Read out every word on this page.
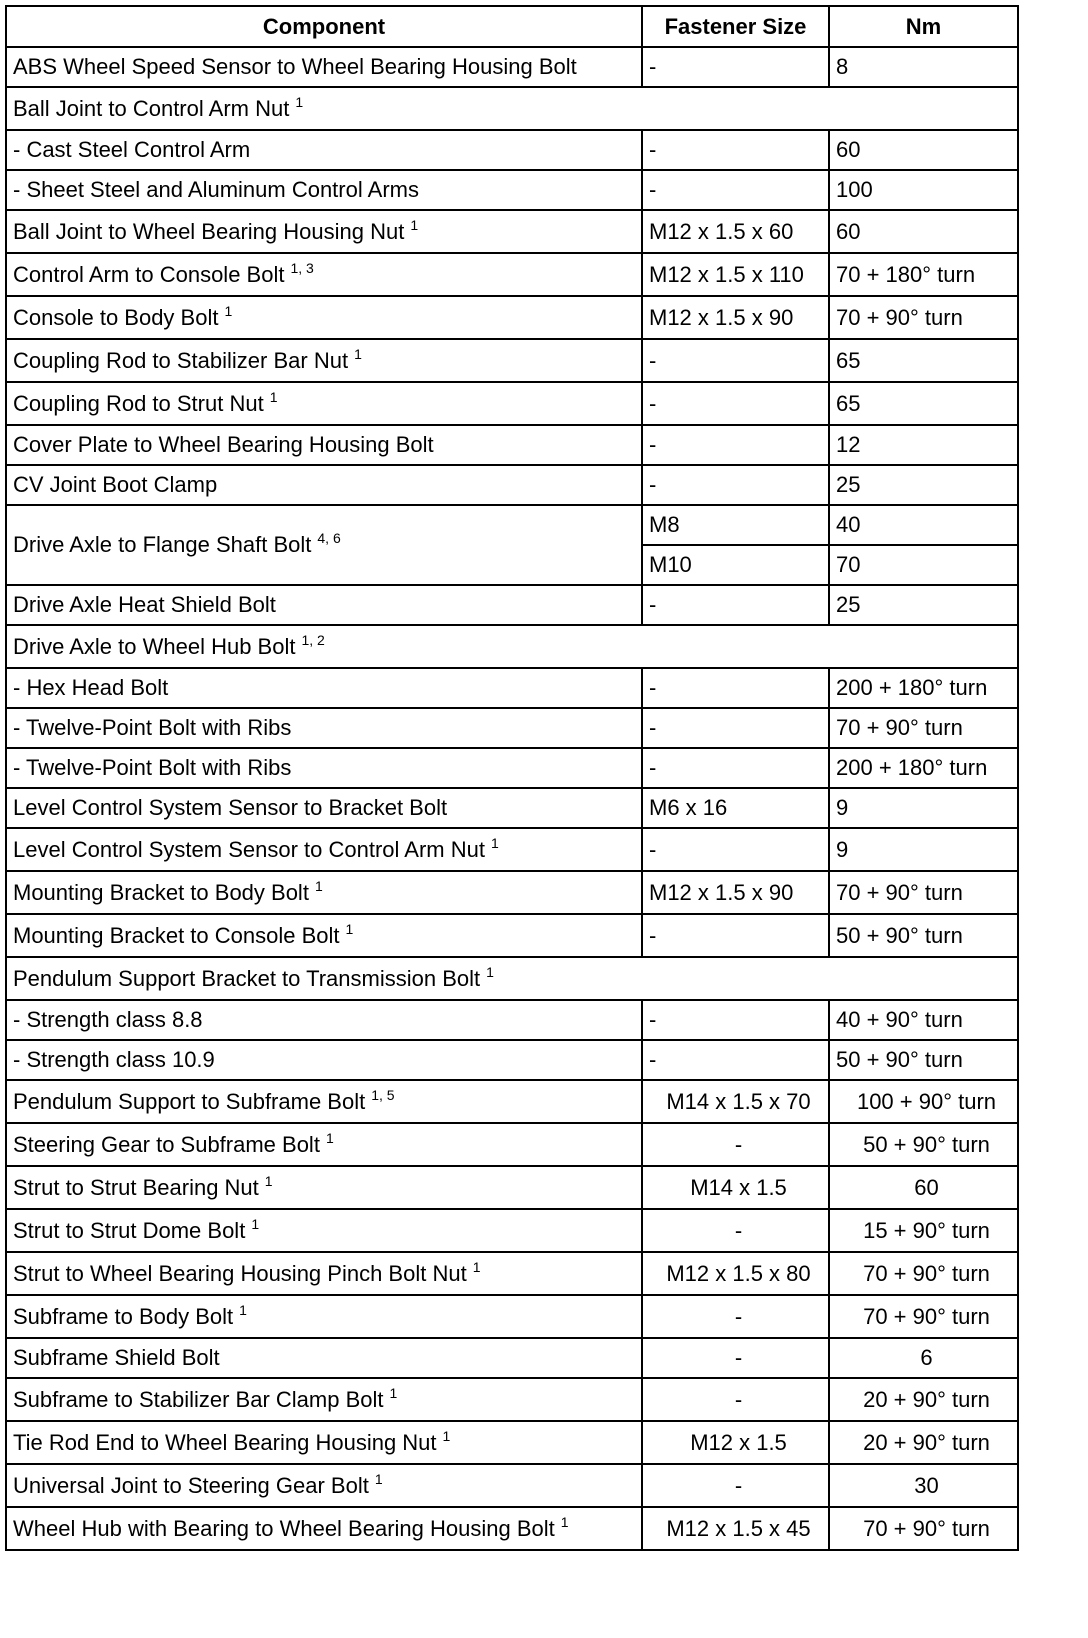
Component	Fastener Size	Nm
ABS Wheel Speed Sensor to Wheel Bearing Housing Bolt	-	8
Ball Joint to Control Arm Nut $^1$
- Cast Steel Control Arm	-	60
- Sheet Steel and Aluminum Control Arms	-	100
Ball Joint to Wheel Bearing Housing Nut $^1$	M12 x 1.5 x 60	60
Control Arm to Console Bolt $^{1, 3}$	M12 x 1.5 x 110	70 + 180° turn
Console to Body Bolt $^1$	M12 x 1.5 x 90	70 + 90° turn
Coupling Rod to Stabilizer Bar Nut $^1$	-	65
Coupling Rod to Strut Nut $^1$	-	65
Cover Plate to Wheel Bearing Housing Bolt	-	12
CV Joint Boot Clamp	-	25
Drive Axle to Flange Shaft Bolt $^{4, 6}$	M8	40
	M10	70
Drive Axle Heat Shield Bolt	-	25
Drive Axle to Wheel Hub Bolt $^{1, 2}$
- Hex Head Bolt	-	200 + 180° turn
- Twelve-Point Bolt with Ribs	-	70 + 90° turn
- Twelve-Point Bolt with Ribs	-	200 + 180° turn
Level Control System Sensor to Bracket Bolt	M6 x 16	9
Level Control System Sensor to Control Arm Nut $^1$	-	9
Mounting Bracket to Body Bolt $^1$	M12 x 1.5 x 90	70 + 90° turn
Mounting Bracket to Console Bolt $^1$	-	50 + 90° turn
Pendulum Support Bracket to Transmission Bolt $^1$
- Strength class 8.8	-	40 + 90° turn
- Strength class 10.9	-	50 + 90° turn
Pendulum Support to Subframe Bolt $^{1, 5}$	M14 x 1.5 x 70	100 + 90° turn
Steering Gear to Subframe Bolt $^1$	-	50 + 90° turn
Strut to Strut Bearing Nut $^1$	M14 x 1.5	60
Strut to Strut Dome Bolt $^1$	-	15 + 90° turn
Strut to Wheel Bearing Housing Pinch Bolt Nut $^1$	M12 x 1.5 x 80	70 + 90° turn
Subframe to Body Bolt $^1$	-	70 + 90° turn
Subframe Shield Bolt	-	6
Subframe to Stabilizer Bar Clamp Bolt $^1$	-	20 + 90° turn
Tie Rod End to Wheel Bearing Housing Nut $^1$	M12 x 1.5	20 + 90° turn
Universal Joint to Steering Gear Bolt $^1$	-	30
Wheel Hub with Bearing to Wheel Bearing Housing Bolt $^1$	M12 x 1.5 x 45	70 + 90° turn
